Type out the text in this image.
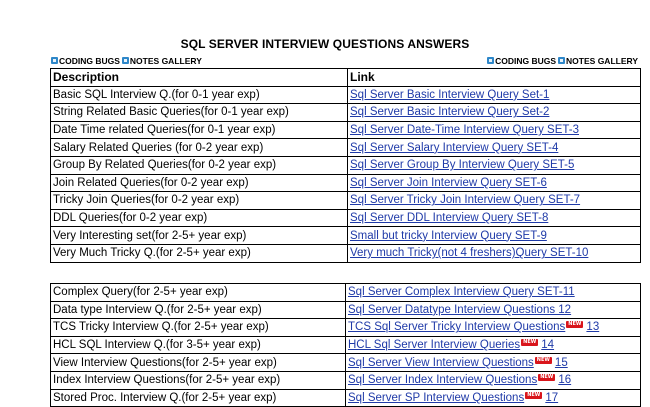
SQL SERVER INTERVIEW QUESTIONS ANSWERS
CODING BUGS NOTES GALLERY	CODING BUGS NOTES GALLERY
Description	Link
Basic SQL Interview Q.(for 0-1 year exp)	Sql Server Basic Interview Query Set-1
String Related Basic Queries(for 0-1 year exp)	Sql Server Basic Interview Query Set-2
Date Time related Queries(for 0-1 year exp)	Sql Server Date-Time Interview Query SET-3
Salary Related Queries (for 0-2 year exp)	Sql Server Salary Interview Query SET-4
Group By Related Queries(for 0-2 year exp)	Sql Server Group By Interview Query SET-5
Join Related Queries(for 0-2 year exp)	Sql Server Join Interview Query SET-6
Tricky Join Queries(for 0-2 year exp)	Sql Server Tricky Join Interview Query SET-7
DDL Queries(for 0-2 year exp)	Sql Server DDL Interview Query SET-8
Very Interesting set(for 2-5+ year exp)	Small but tricky Interview Query SET-9
Very Much Tricky Q.(for 2-5+ year exp)	Very much Tricky(not 4 freshers)Query SET-10
Complex Query(for 2-5+ year exp)	Sql Server Complex Interview Query SET-11
Data type Interview Q.(for 2-5+ year exp)	Sql Server Datatype Interview Questions 12
TCS Tricky Interview Q.(for 2-5+ year exp)	TCS Sql Server Tricky Interview Questions NEW 13
HCL SQL Interview Q.(for 3-5+ year exp)	HCL Sql Server Interview Queries NEW 14
View Interview Questions(for 2-5+ year exp)	Sql Server View Interview Questions NEW 15
Index Interview Questions(for 2-5+ year exp)	Sql Server Index Interview Questions NEW 16
Stored Proc. Interview Q.(for 2-5+ year exp)	Sql Server SP Interview Questions NEW 17
